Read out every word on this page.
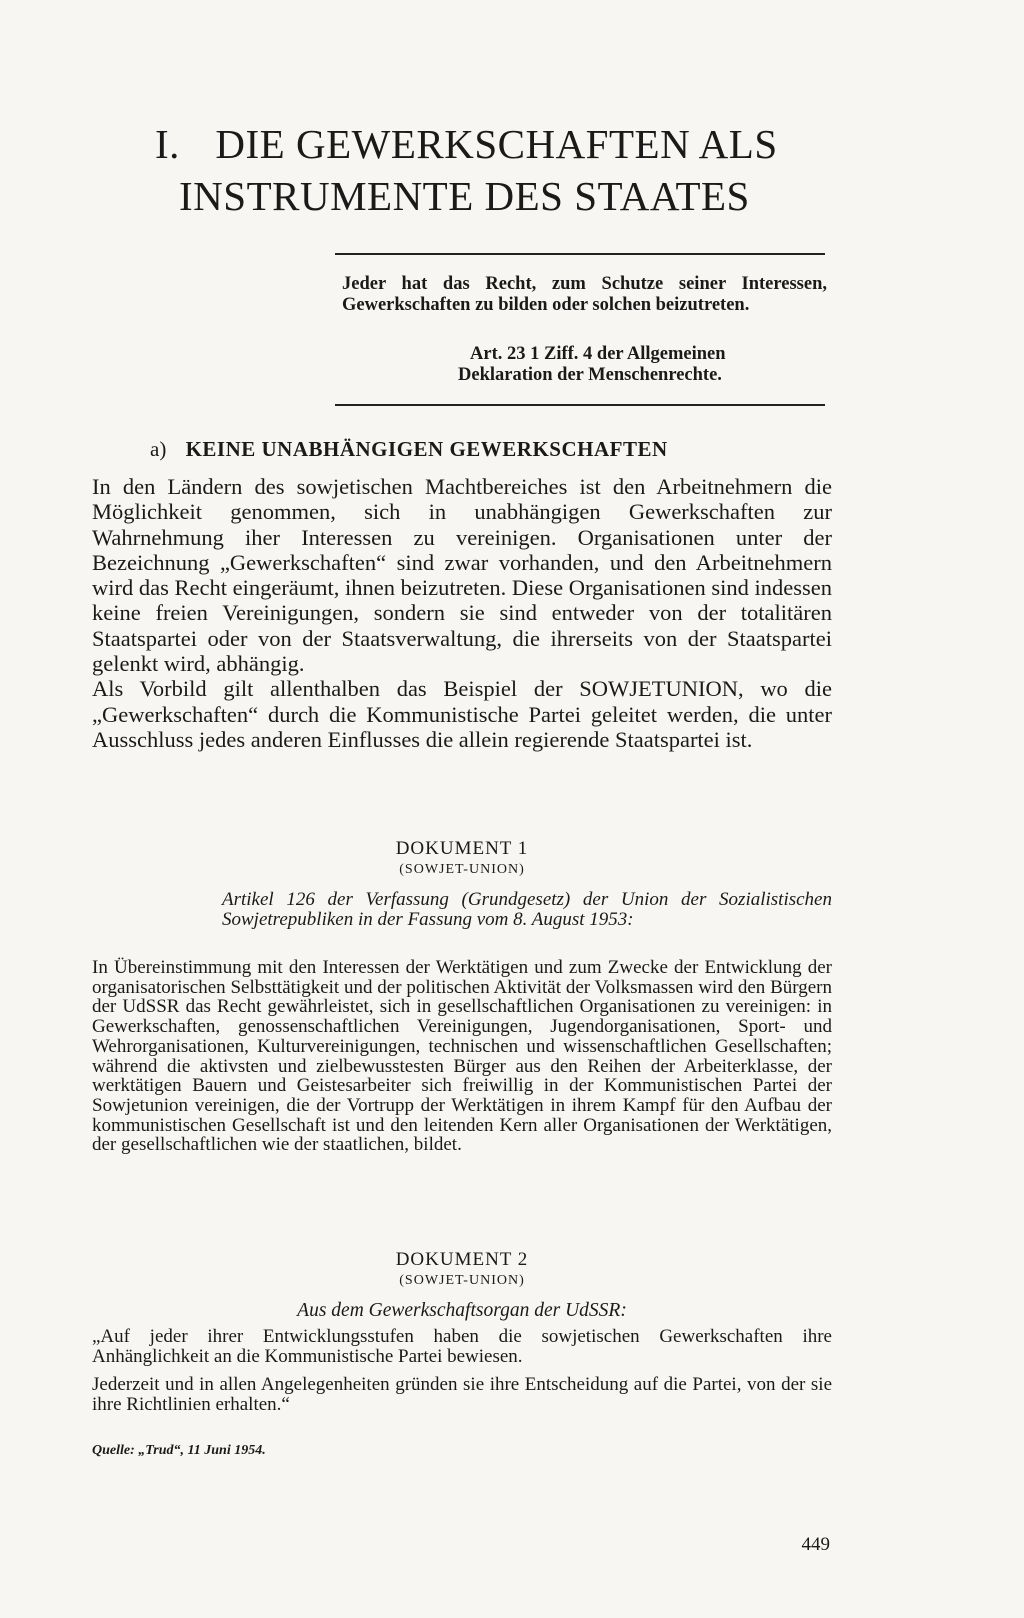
I. DIE GEWERKSCHAFTEN ALS
INSTRUMENTE DES STAATES
Jeder hat das Recht, zum Schutze seiner Interessen, Gewerkschaften zu bilden oder solchen beizutreten.
Art. 23 1 Ziff. 4 der Allgemeinen
Deklaration der Menschenrechte.
a) KEINE UNABHÄNGIGEN GEWERKSCHAFTEN

In den Ländern des sowjetischen Machtbereiches ist den Arbeitnehmern die Möglichkeit genommen, sich in unabhängigen Gewerkschaften zur Wahrnehmung iher Interessen zu vereinigen. Organisationen unter der Bezeichnung „Gewerkschaften“ sind zwar vorhanden, und den Arbeitnehmern wird das Recht eingeräumt, ihnen beizutreten. Diese Organisationen sind indessen keine freien Vereinigungen, sondern sie sind entweder von der totalitären Staatspartei oder von der Staatsverwaltung, die ihrerseits von der Staatspartei gelenkt wird, abhängig.

Als Vorbild gilt allenthalben das Beispiel der SOWJETUNION, wo die „Gewerkschaften“ durch die Kommunistische Partei geleitet werden, die unter Ausschluss jedes anderen Einflusses die allein regierende Staatspartei ist.

DOKUMENT 1
(SOWJET-UNION)
Artikel 126 der Verfassung (Grundgesetz) der Union der Sozialistischen Sowjetrepubliken in der Fassung vom 8. August 1953:
In Übereinstimmung mit den Interessen der Werktätigen und zum Zwecke der Entwicklung der organisatorischen Selbsttätigkeit und der politischen Aktivität der Volksmassen wird den Bürgern der UdSSR das Recht gewährleistet, sich in gesellschaftlichen Organisationen zu vereinigen: in Gewerkschaften, genossenschaftlichen Vereinigungen, Jugendorganisationen, Sport- und Wehrorganisationen, Kulturvereinigungen, technischen und wissenschaftlichen Gesellschaften; während die aktivsten und zielbewusstesten Bürger aus den Reihen der Arbeiterklasse, der werktätigen Bauern und Geistesarbeiter sich freiwillig in der Kommunistischen Partei der Sowjetunion vereinigen, die der Vortrupp der Werktätigen in ihrem Kampf für den Aufbau der kommunistischen Gesellschaft ist und den leitenden Kern aller Organisationen der Werktätigen, der gesellschaftlichen wie der staatlichen, bildet.
DOKUMENT 2
(SOWJET-UNION)
Aus dem Gewerkschaftsorgan der UdSSR:

„Auf jeder ihrer Entwicklungsstufen haben die sowjetischen Gewerkschaften ihre Anhänglichkeit an die Kommunistische Partei bewiesen.

Jederzeit und in allen Angelegenheiten gründen sie ihre Entscheidung auf die Partei, von der sie ihre Richtlinien erhalten.“

Quelle: „Trud“, 11 Juni 1954.
449
